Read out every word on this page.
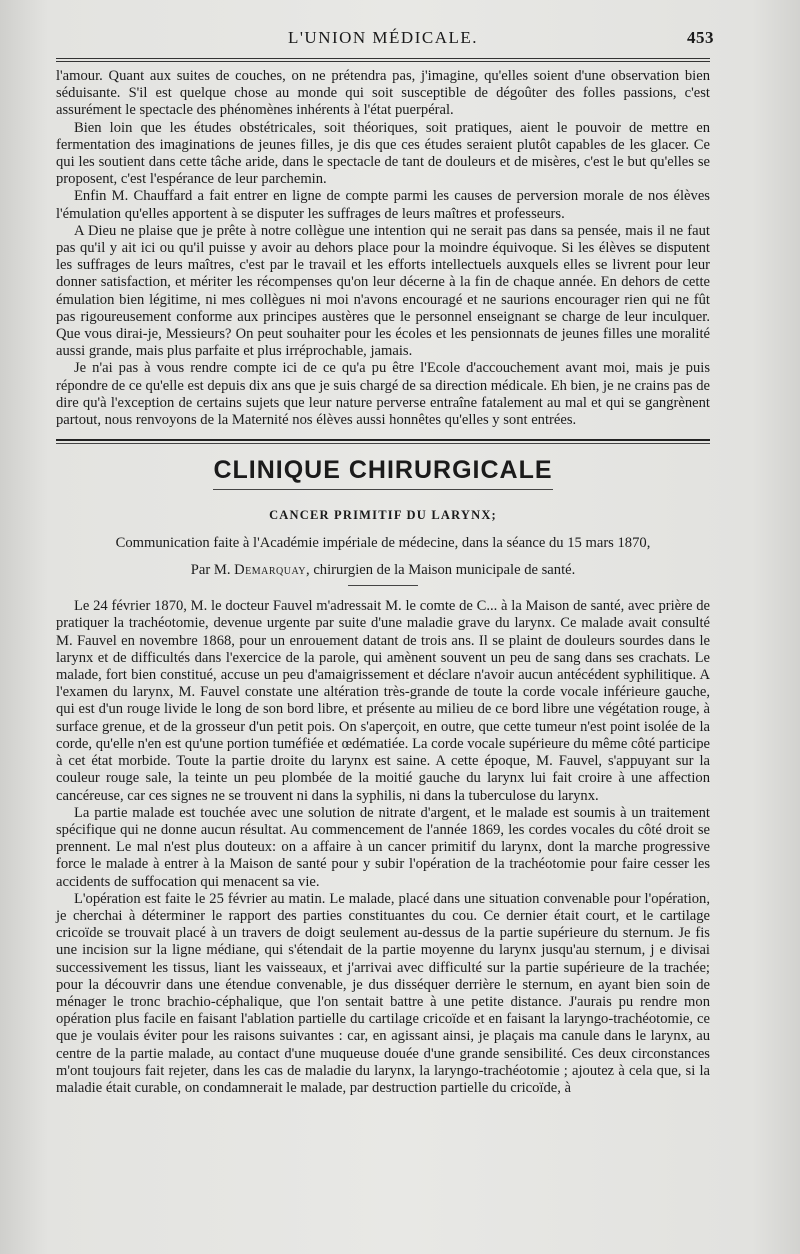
L'UNION MÉDICALE.	453

l'amour. Quant aux suites de couches, on ne prétendra pas, j'imagine, qu'elles soient d'une observation bien séduisante. S'il est quelque chose au monde qui soit susceptible de dégoûter des folles passions, c'est assurément le spectacle des phénomènes inhérents à l'état puerpéral.

Bien loin que les études obstétricales, soit théoriques, soit pratiques, aient le pouvoir de mettre en fermentation des imaginations de jeunes filles, je dis que ces études seraient plutôt capables de les glacer. Ce qui les soutient dans cette tâche aride, dans le spectacle de tant de douleurs et de misères, c'est le but qu'elles se proposent, c'est l'espérance de leur parchemin.

Enfin M. Chauffard a fait entrer en ligne de compte parmi les causes de perversion morale de nos élèves l'émulation qu'elles apportent à se disputer les suffrages de leurs maîtres et professeurs.

A Dieu ne plaise que je prête à notre collègue une intention qui ne serait pas dans sa pensée, mais il ne faut pas qu'il y ait ici ou qu'il puisse y avoir au dehors place pour la moindre équivoque. Si les élèves se disputent les suffrages de leurs maîtres, c'est par le travail et les efforts intellectuels auxquels elles se livrent pour leur donner satisfaction, et mériter les récompenses qu'on leur décerne à la fin de chaque année. En dehors de cette émulation bien légitime, ni mes collègues ni moi n'avons encouragé et ne saurions encourager rien qui ne fût pas rigoureusement conforme aux principes austères que le personnel enseignant se charge de leur inculquer. Que vous dirai-je, Messieurs? On peut souhaiter pour les écoles et les pensionnats de jeunes filles une moralité aussi grande, mais plus parfaite et plus irréprochable, jamais.

Je n'ai pas à vous rendre compte ici de ce qu'a pu être l'Ecole d'accouchement avant moi, mais je puis répondre de ce qu'elle est depuis dix ans que je suis chargé de sa direction médicale. Eh bien, je ne crains pas de dire qu'à l'exception de certains sujets que leur nature perverse entraîne fatalement au mal et qui se gangrènent partout, nous renvoyons de la Maternité nos élèves aussi honnêtes qu'elles y sont entrées.

CLINIQUE CHIRURGICALE
CANCER PRIMITIF DU LARYNX;
Communication faite à l'Académie impériale de médecine, dans la séance du 15 mars 1870,
Par M. Demarquay, chirurgien de la Maison municipale de santé.

Le 24 février 1870, M. le docteur Fauvel m'adressait M. le comte de C... à la Maison de santé, avec prière de pratiquer la trachéotomie, devenue urgente par suite d'une maladie grave du larynx. Ce malade avait consulté M. Fauvel en novembre 1868, pour un enrouement datant de trois ans. Il se plaint de douleurs sourdes dans le larynx et de difficultés dans l'exercice de la parole, qui amènent souvent un peu de sang dans ses crachats. Le malade, fort bien constitué, accuse un peu d'amaigrissement et déclare n'avoir aucun antécédent syphilitique. A l'examen du larynx, M. Fauvel constate une altération très-grande de toute la corde vocale inférieure gauche, qui est d'un rouge livide le long de son bord libre, et présente au milieu de ce bord libre une végétation rouge, à surface grenue, et de la grosseur d'un petit pois. On s'aperçoit, en outre, que cette tumeur n'est point isolée de la corde, qu'elle n'en est qu'une portion tuméfiée et œdématiée. La corde vocale supérieure du même côté participe à cet état morbide. Toute la partie droite du larynx est saine. A cette époque, M. Fauvel, s'appuyant sur la couleur rouge sale, la teinte un peu plombée de la moitié gauche du larynx lui fait croire à une affection cancéreuse, car ces signes ne se trouvent ni dans la syphilis, ni dans la tuberculose du larynx.

La partie malade est touchée avec une solution de nitrate d'argent, et le malade est soumis à un traitement spécifique qui ne donne aucun résultat. Au commencement de l'année 1869, les cordes vocales du côté droit se prennent. Le mal n'est plus douteux: on a affaire à un cancer primitif du larynx, dont la marche progressive force le malade à entrer à la Maison de santé pour y subir l'opération de la trachéotomie pour faire cesser les accidents de suffocation qui menacent sa vie.

L'opération est faite le 25 février au matin. Le malade, placé dans une situation convenable pour l'opération, je cherchai à déterminer le rapport des parties constituantes du cou. Ce dernier était court, et le cartilage cricoïde se trouvait placé à un travers de doigt seulement au-dessus de la partie supérieure du sternum. Je fis une incision sur la ligne médiane, qui s'étendait de la partie moyenne du larynx jusqu'au sternum, j e divisai successivement les tissus, liant les vaisseaux, et j'arrivai avec difficulté sur la partie supérieure de la trachée; pour la découvrir dans une étendue convenable, je dus disséquer derrière le sternum, en ayant bien soin de ménager le tronc brachio-céphalique, que l'on sentait battre à une petite distance. J'aurais pu rendre mon opération plus facile en faisant l'ablation partielle du cartilage cricoïde et en faisant la laryngo-trachéotomie, ce que je voulais éviter pour les raisons suivantes : car, en agissant ainsi, je plaçais ma canule dans le larynx, au centre de la partie malade, au contact d'une muqueuse douée d'une grande sensibilité. Ces deux circonstances m'ont toujours fait rejeter, dans les cas de maladie du larynx, la laryngo-trachéotomie ; ajoutez à cela que, si la maladie était curable, on condamnerait le malade, par destruction partielle du cricoïde, à
